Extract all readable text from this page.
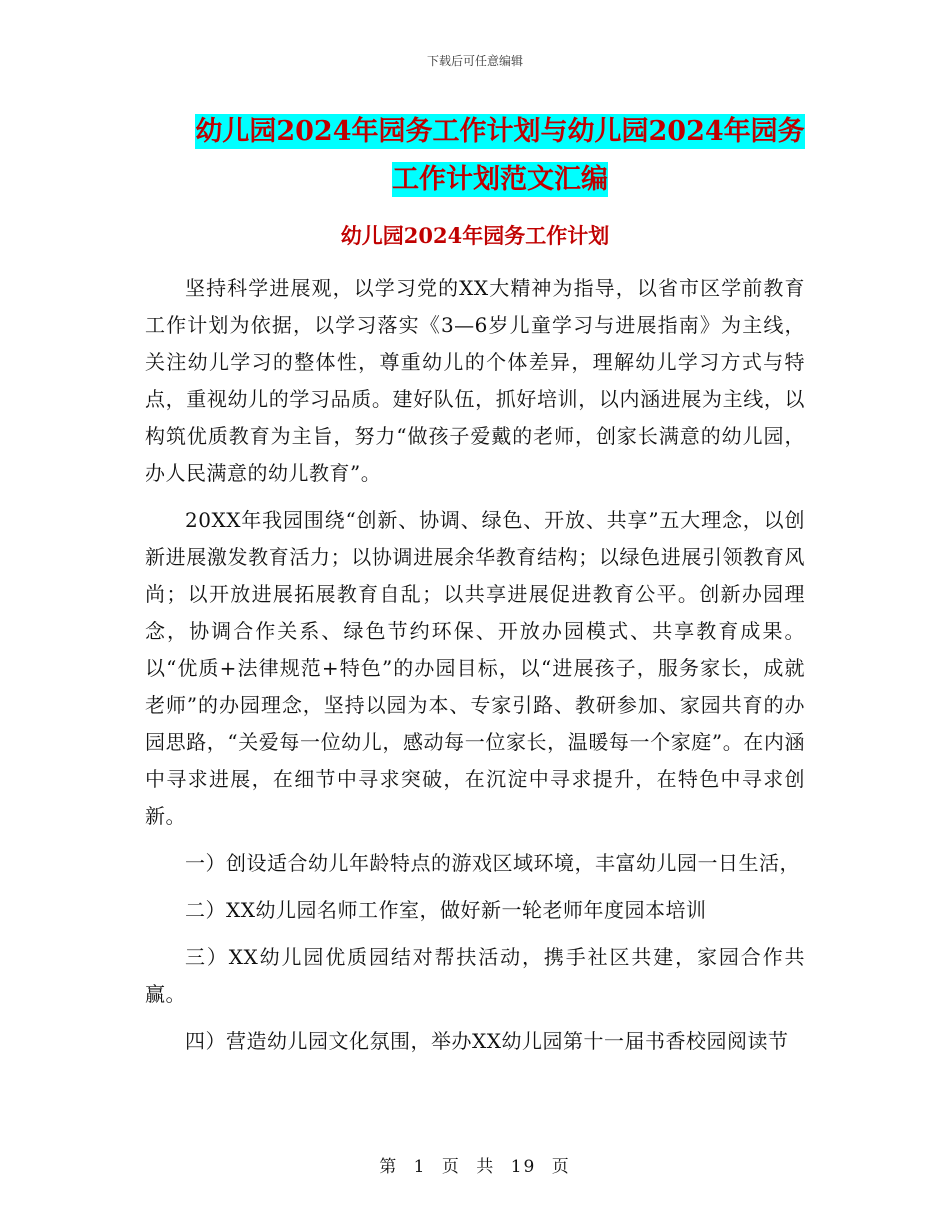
下载后可任意编辑
幼儿园2024年园务工作计划与幼儿园2024年园务工作计划范文汇编
幼儿园2024年园务工作计划

坚持科学进展观，以学习党的XX大精神为指导，以省市区学前教育工作计划为依据，以学习落实《3—6岁儿童学习与进展指南》为主线，关注幼儿学习的整体性，尊重幼儿的个体差异，理解幼儿学习方式与特点，重视幼儿的学习品质。建好队伍，抓好培训，以内涵进展为主线，以构筑优质教育为主旨，努力“做孩子爱戴的老师，创家长满意的幼儿园，办人民满意的幼儿教育”。

20XX年我园围绕“创新、协调、绿色、开放、共享”五大理念，以创新进展激发教育活力；以协调进展余华教育结构；以绿色进展引领教育风尚；以开放进展拓展教育自乱；以共享进展促进教育公平。创新办园理念，协调合作关系、绿色节约环保、开放办园模式、共享教育成果。以“优质+法律规范+特色”的办园目标，以“进展孩子，服务家长，成就老师”的办园理念，坚持以园为本、专家引路、教研参加、家园共育的办园思路，“关爱每一位幼儿，感动每一位家长，温暖每一个家庭”。在内涵中寻求进展，在细节中寻求突破，在沉淀中寻求提升，在特色中寻求创新。

一）创设适合幼儿年龄特点的游戏区域环境，丰富幼儿园一日生活，

二）XX幼儿园名师工作室，做好新一轮老师年度园本培训

三）XX幼儿园优质园结对帮扶活动，携手社区共建，家园合作共赢。

四）营造幼儿园文化氛围，举办XX幼儿园第十一届书香校园阅读节

第 1 页 共 19 页
